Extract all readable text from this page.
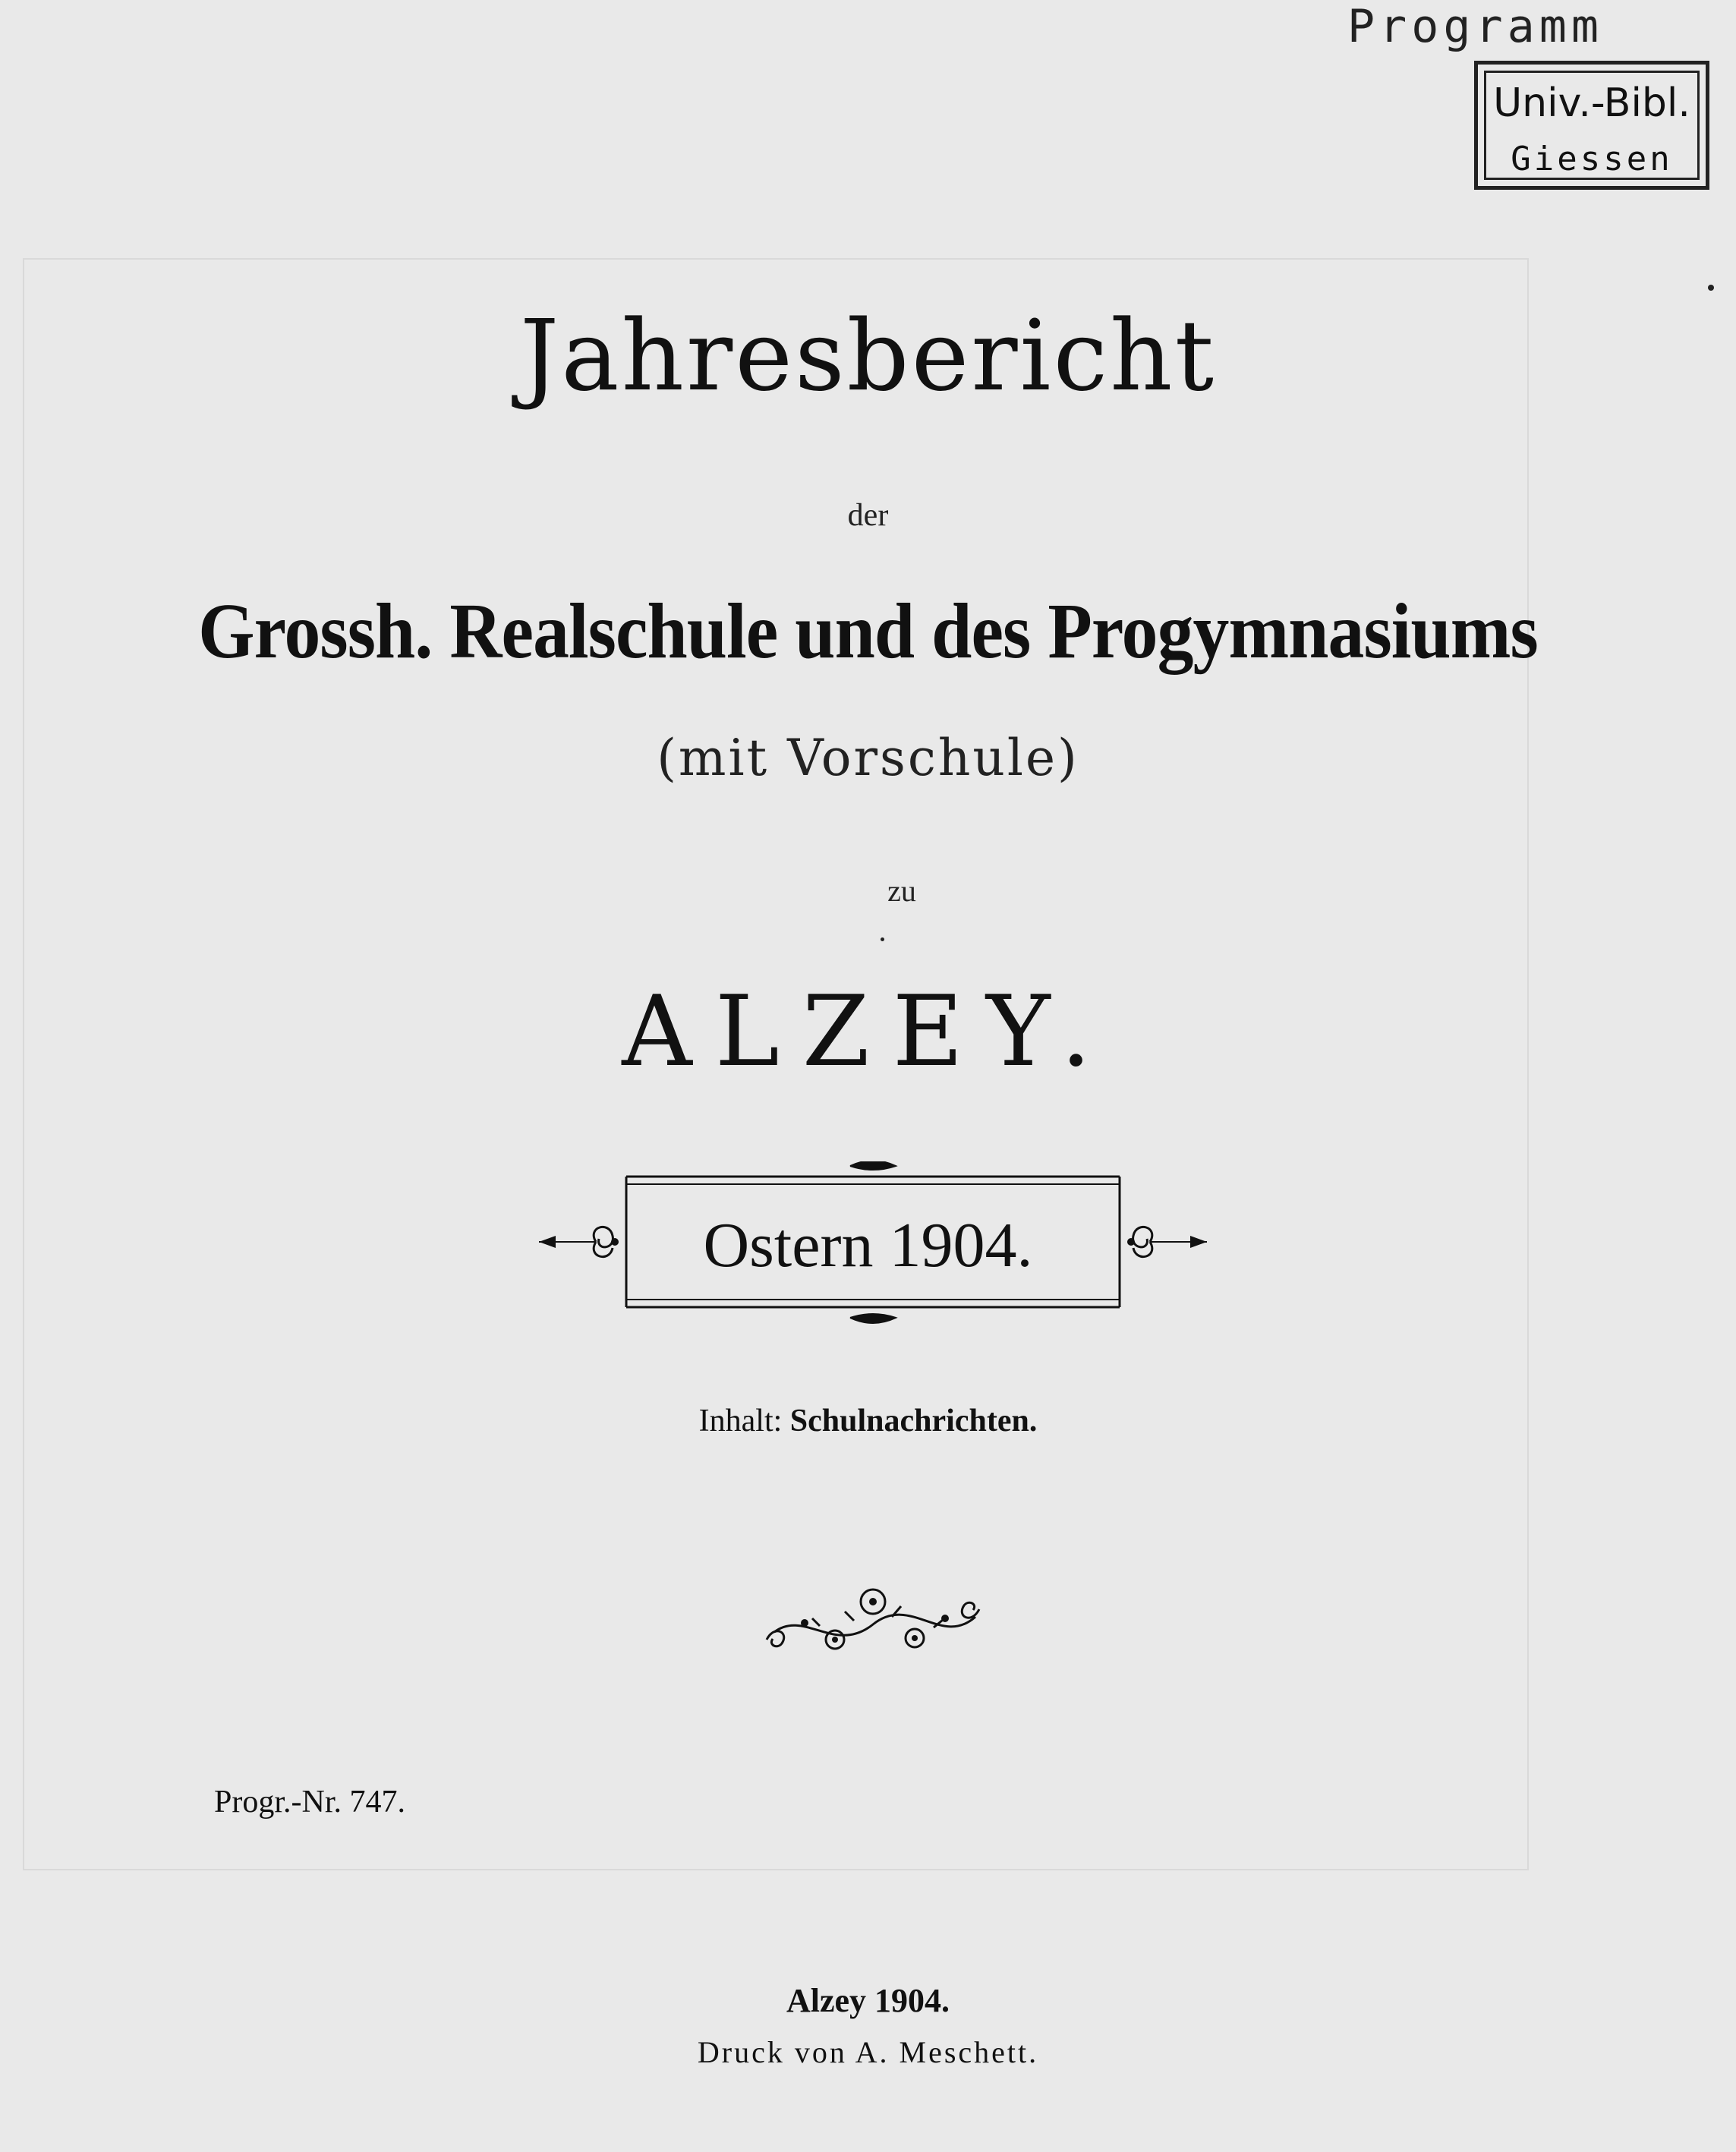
Programm
Univ.-Bibl.
Giessen
Jahresbericht
der
Grossh. Realschule und des Progymnasiums
(mit Vorschule)
zu
ALZEY.
Ostern 1904.
Inhalt: Schulnachrichten.
Progr.-Nr. 747.
Alzey 1904.
Druck von A. Meschett.
